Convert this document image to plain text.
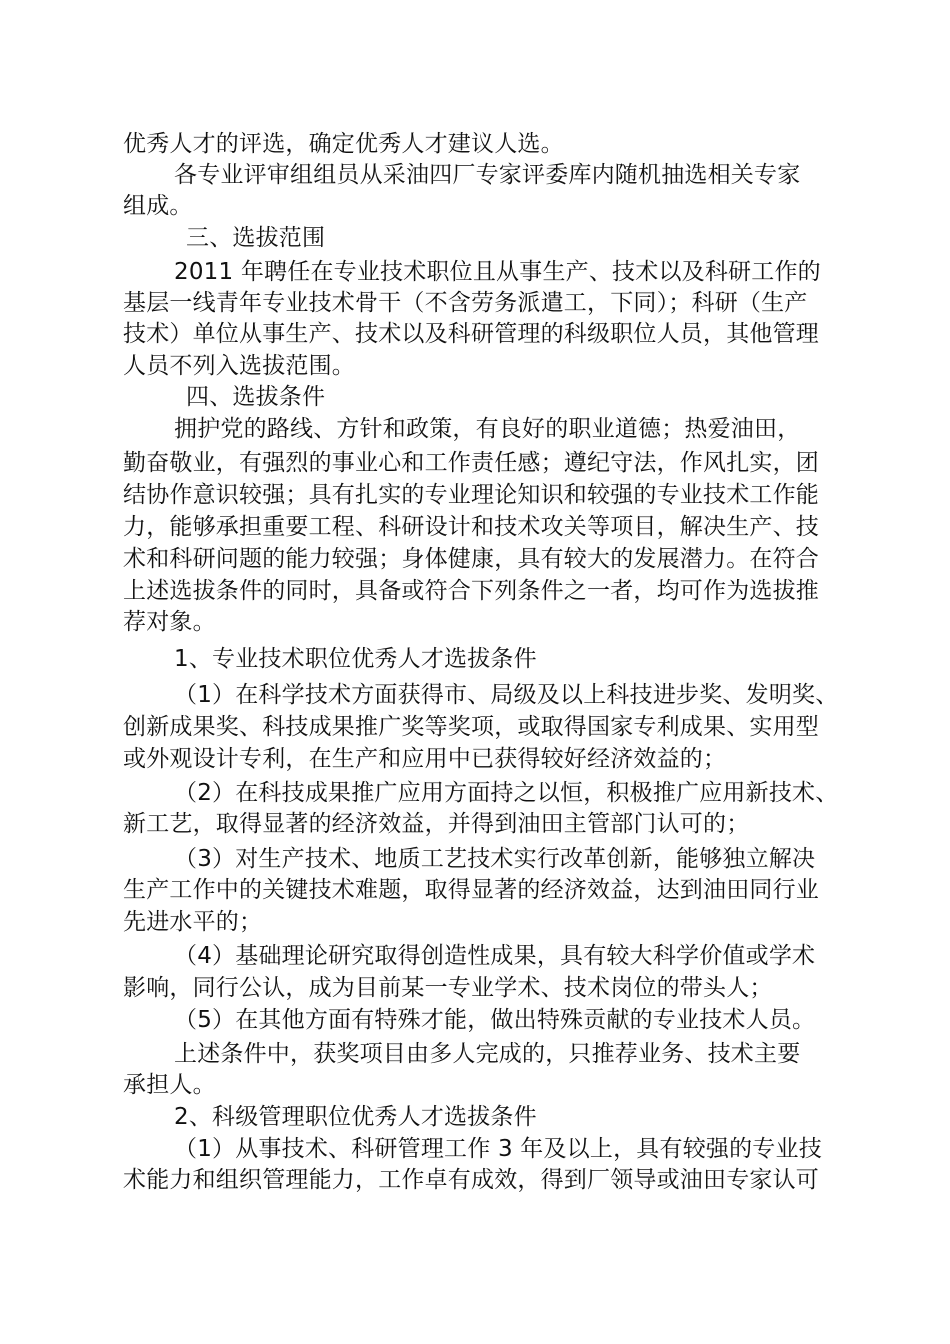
优秀人才的评选，确定优秀人才建议人选。
各专业评审组组员从采油四厂专家评委库内随机抽选相关专家
组成。
三、选拔范围
2011 年聘任在专业技术职位且从事生产、技术以及科研工作的
基层一线青年专业技术骨干（不含劳务派遣工，下同）；科研（生产
技术）单位从事生产、技术以及科研管理的科级职位人员，其他管理
人员不列入选拔范围。
四、选拔条件
拥护党的路线、方针和政策，有良好的职业道德；热爱油田，
勤奋敬业，有强烈的事业心和工作责任感；遵纪守法，作风扎实，团
结协作意识较强；具有扎实的专业理论知识和较强的专业技术工作能
力，能够承担重要工程、科研设计和技术攻关等项目，解决生产、技
术和科研问题的能力较强；身体健康，具有较大的发展潜力。在符合
上述选拔条件的同时，具备或符合下列条件之一者，均可作为选拔推
荐对象。
1、专业技术职位优秀人才选拔条件
（1）在科学技术方面获得市、局级及以上科技进步奖、发明奖、
创新成果奖、科技成果推广奖等奖项，或取得国家专利成果、实用型
或外观设计专利，在生产和应用中已获得较好经济效益的；
（2）在科技成果推广应用方面持之以恒，积极推广应用新技术、
新工艺，取得显著的经济效益，并得到油田主管部门认可的；
（3）对生产技术、地质工艺技术实行改革创新，能够独立解决
生产工作中的关键技术难题，取得显著的经济效益，达到油田同行业
先进水平的；
（4）基础理论研究取得创造性成果，具有较大科学价值或学术
影响，同行公认，成为目前某一专业学术、技术岗位的带头人；
（5）在其他方面有特殊才能，做出特殊贡献的专业技术人员。
上述条件中，获奖项目由多人完成的，只推荐业务、技术主要
承担人。
2、科级管理职位优秀人才选拔条件
（1）从事技术、科研管理工作 3 年及以上，具有较强的专业技
术能力和组织管理能力，工作卓有成效，得到厂领导或油田专家认可
